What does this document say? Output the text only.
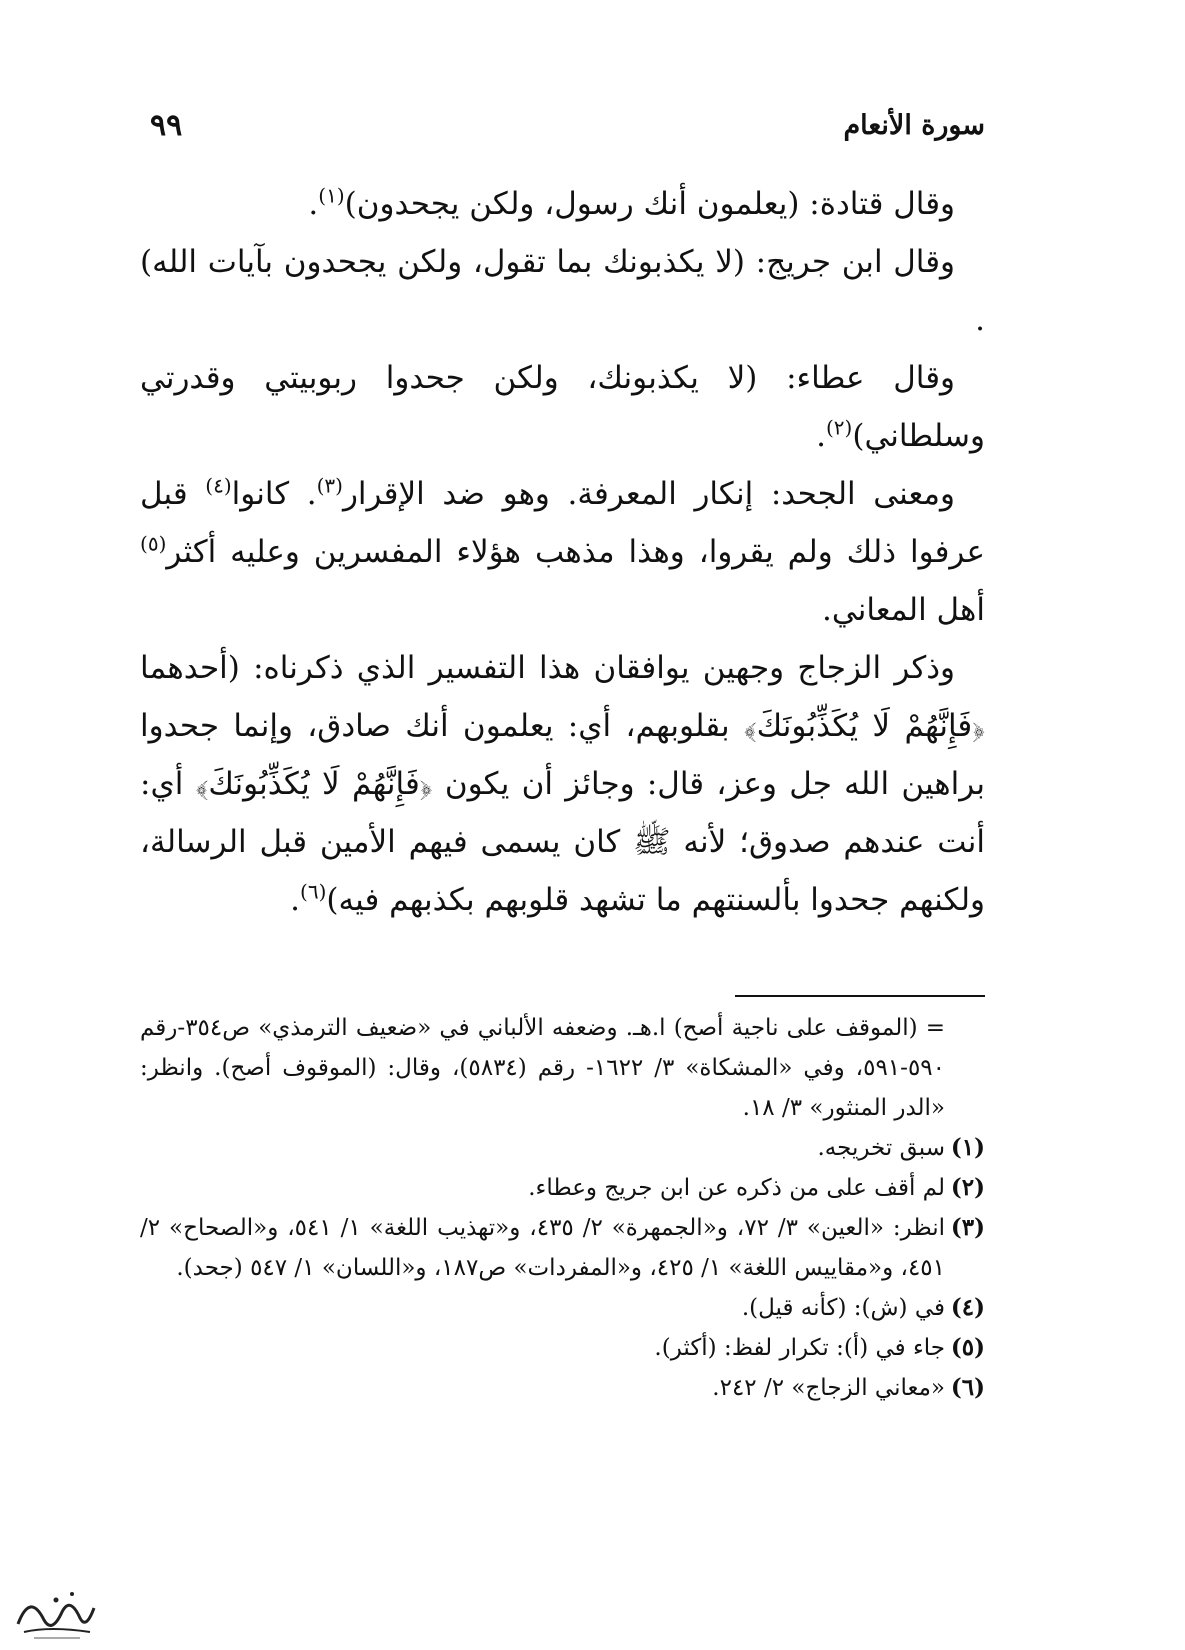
سورة الأنعام
٩٩

وقال قتادة: (يعلمون أنك رسول، ولكن يجحدون)$^{(١)}$.

وقال ابن جريج: (لا يكذبونك بما تقول، ولكن يجحدون بآيات الله) .

وقال عطاء: (لا يكذبونك، ولكن جحدوا ربوبيتي وقدرتي وسلطاني)$^{(٢)}$.

ومعنى الجحد: إنكار المعرفة. وهو ضد الإقرار$^{(٣)}$. كانوا$^{(٤)}$ قبل عرفوا ذلك ولم يقروا، وهذا مذهب هؤلاء المفسرين وعليه أكثر$^{(٥)}$ أهل المعاني.

وذكر الزجاج وجهين يوافقان هذا التفسير الذي ذكرناه: (أحدهما ﴿فَإِنَّهُمْ لَا يُكَذِّبُونَكَ﴾ بقلوبهم، أي: يعلمون أنك صادق، وإنما جحدوا براهين الله جل وعز، قال: وجائز أن يكون ﴿فَإِنَّهُمْ لَا يُكَذِّبُونَكَ﴾ أي: أنت عندهم صدوق؛ لأنه ﷺ كان يسمى فيهم الأمين قبل الرسالة، ولكنهم جحدوا بألسنتهم ما تشهد قلوبهم بكذبهم فيه)$^{(٦)}$.

= (الموقف على ناجية أصح) ا.هـ. وضعفه الألباني في «ضعيف الترمذي» ص٣٥٤-رقم ٥٩٠-٥٩١، وفي «المشكاة» ٣/ ١٦٢٢- رقم (٥٨٣٤)، وقال: (الموقوف أصح). وانظر: «الدر المنثور» ٣/ ١٨.
(١)
سبق تخريجه.
(٢)
لم أقف على من ذكره عن ابن جريج وعطاء.
(٣)
انظر: «العين» ٣/ ٧٢، و«الجمهرة» ٢/ ٤٣٥، و«تهذيب اللغة» ١/ ٥٤١، و«الصحاح» ٢/ ٤٥١، و«مقاييس اللغة» ١/ ٤٢٥، و«المفردات» ص١٨٧، و«اللسان» ١/ ٥٤٧ (جحد).
(٤)
في (ش): (كأنه قيل).
(٥)
جاء في (أ): تكرار لفظ: (أكثر).
(٦)
«معاني الزجاج» ٢/ ٢٤٢.
